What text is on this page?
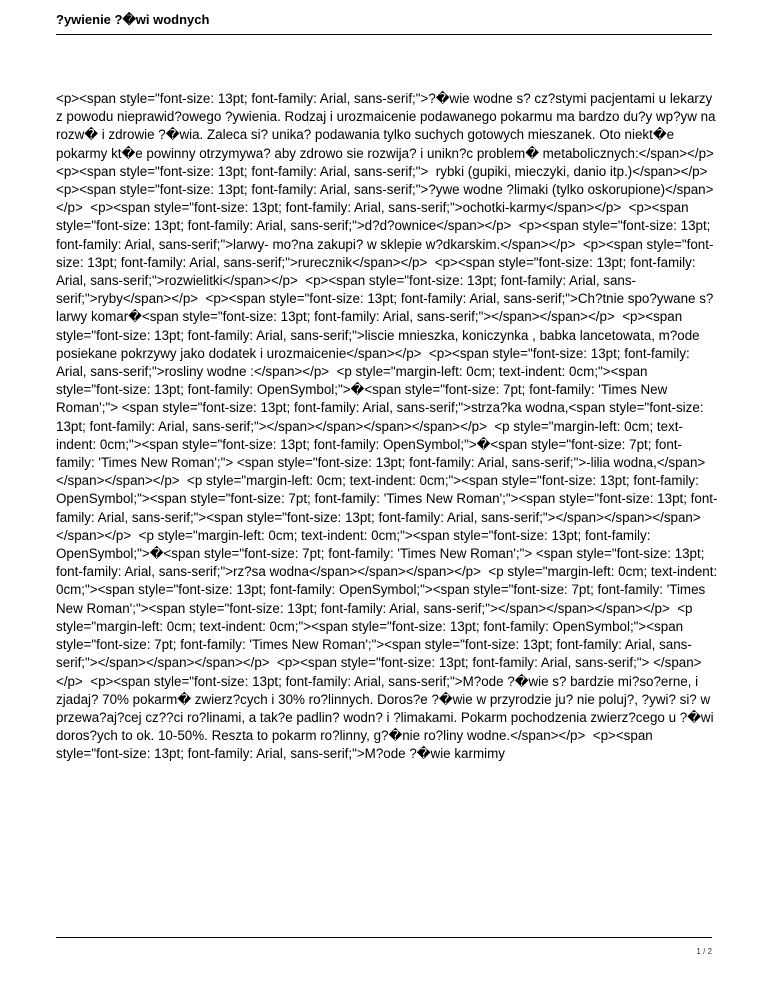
?ywienie ?�wi wodnych
<p><span style="font-size: 13pt; font-family: Arial, sans-serif;">?�wie wodne s? cz?stymi pacjentami u lekarzy z powodu nieprawid?owego ?ywienia. Rodzaj i urozmaicenie podawanego pokarmu ma bardzo du?y wp?yw na rozw� i zdrowie ?�wia. Zaleca si? unika? podawania tylko suchych gotowych mieszanek. Oto niekt�e pokarmy kt�e powinny otrzymywa? aby zdrowo sie rozwija? i unikn?c problem� metabolicznych:</span></p>  <p><span style="font-size: 13pt; font-family: Arial, sans-serif;">  rybki (gupiki, mieczyki, danio itp.)</span></p>  <p><span style="font-size: 13pt; font-family: Arial, sans-serif;">?ywe wodne ?limaki (tylko oskorupione)</span></p>  <p><span style="font-size: 13pt; font-family: Arial, sans-serif;">ochotki-karmy</span></p>  <p><span style="font-size: 13pt; font-family: Arial, sans-serif;">d?d?ownice</span></p>  <p><span style="font-size: 13pt; font-family: Arial, sans-serif;">larwy- mo?na zakupi? w sklepie w?dkarskim.</span></p>  <p><span style="font-size: 13pt; font-family: Arial, sans-serif;">rurecznik</span></p>  <p><span style="font-size: 13pt; font-family: Arial, sans-serif;">rozwielitki</span></p>  <p><span style="font-size: 13pt; font-family: Arial, sans-serif;">ryby</span></p>  <p><span style="font-size: 13pt; font-family: Arial, sans-serif;">Ch?tnie spo?ywane s? larwy komar�<span style="font-size: 13pt; font-family: Arial, sans-serif;"></span></span></p>  <p><span style="font-size: 13pt; font-family: Arial, sans-serif;">liscie mnieszka, koniczynka , babka lancetowata, m?ode posiekane pokrzywy jako dodatek i urozmaicenie</span></p>  <p><span style="font-size: 13pt; font-family: Arial, sans-serif;">rosliny wodne :</span></p>  <p style="margin-left: 0cm; text-indent: 0cm;"><span style="font-size: 13pt; font-family: OpenSymbol;">�<span style="font-size: 7pt; font-family: 'Times New Roman';"> <span style="font-size: 13pt; font-family: Arial, sans-serif;">strza?ka wodna,<span style="font-size: 13pt; font-family: Arial, sans-serif;"></span></span></span></span></p>  <p style="margin-left: 0cm; text-indent: 0cm;"><span style="font-size: 13pt; font-family: OpenSymbol;">�<span style="font-size: 7pt; font-family: 'Times New Roman';"> <span style="font-size: 13pt; font-family: Arial, sans-serif;">-lilia wodna,</span></span></span></p>  <p style="margin-left: 0cm; text-indent: 0cm;"><span style="font-size: 13pt; font-family: OpenSymbol;"><span style="font-size: 7pt; font-family: 'Times New Roman';"><span style="font-size: 13pt; font-family: Arial, sans-serif;"><span style="font-size: 13pt; font-family: Arial, sans-serif;"></span></span></span></span></p>  <p style="margin-left: 0cm; text-indent: 0cm;"><span style="font-size: 13pt; font-family: OpenSymbol;">�<span style="font-size: 7pt; font-family: 'Times New Roman';"> <span style="font-size: 13pt; font-family: Arial, sans-serif;">rz?sa wodna</span></span></span></p>  <p style="margin-left: 0cm; text-indent: 0cm;"><span style="font-size: 13pt; font-family: OpenSymbol;"><span style="font-size: 7pt; font-family: 'Times New Roman';"><span style="font-size: 13pt; font-family: Arial, sans-serif;"></span></span></span></p>  <p style="margin-left: 0cm; text-indent: 0cm;"><span style="font-size: 13pt; font-family: OpenSymbol;"><span style="font-size: 7pt; font-family: 'Times New Roman';"><span style="font-size: 13pt; font-family: Arial, sans-serif;"></span></span></span></p>  <p><span style="font-size: 13pt; font-family: Arial, sans-serif;"> </span></p>  <p><span style="font-size: 13pt; font-family: Arial, sans-serif;">M?ode ?�wie s? bardzie mi?so?erne, i zjadaj? 70% pokarm� zwierz?cych i 30% ro?linnych. Doros?e ?�wie w przyrodzie ju? nie poluj?, ?ywi? si? w przewa?aj?cej cz??ci ro?linami, a tak?e padlin? wodn? i ?limakami. Pokarm pochodzenia zwierz?cego u ?�wi doros?ych to ok. 10-50%. Reszta to pokarm ro?linny, g?�nie ro?liny wodne.</span></p>  <p><span style="font-size: 13pt; font-family: Arial, sans-serif;">M?ode ?�wie karmimy
1 / 2
